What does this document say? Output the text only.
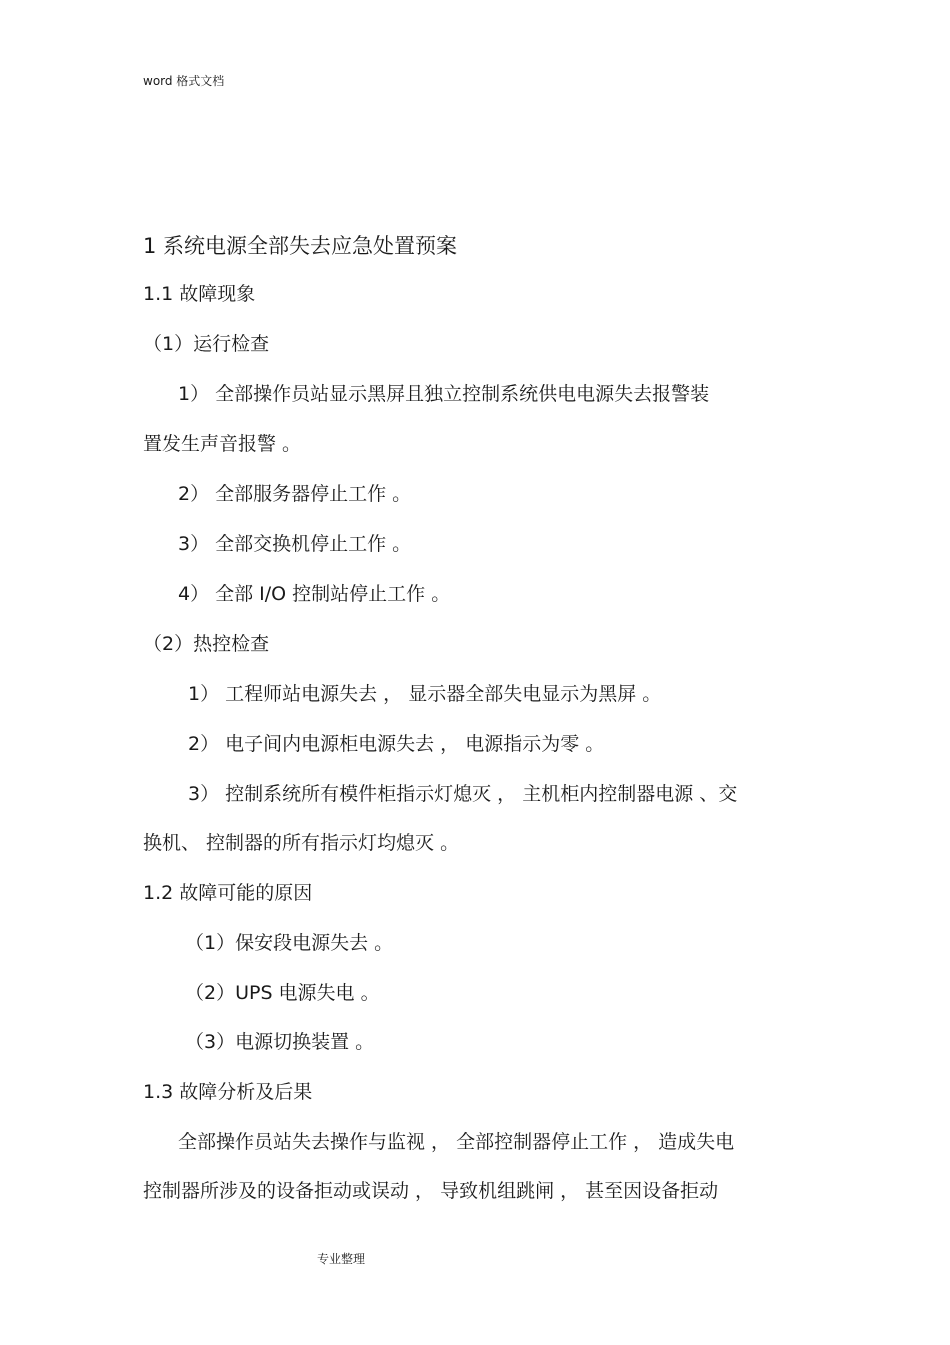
word 格式文档
1 系统电源全部失去应急处置预案
1.1 故障现象
（1）运行检查
1） 全部操作员站显示黑屏且独立控制系统供电电源失去报警装
置发生声音报警 。
2） 全部服务器停止工作 。
3） 全部交换机停止工作 。
4） 全部 I/O 控制站停止工作 。
（2）热控检查
1） 工程师站电源失去 ， 显示器全部失电显示为黑屏 。
2） 电子间内电源柜电源失去 ， 电源指示为零 。
3） 控制系统所有模件柜指示灯熄灭 ， 主机柜内控制器电源 、交
换机、 控制器的所有指示灯均熄灭 。
1.2 故障可能的原因
（1）保安段电源失去 。
（2）UPS 电源失电 。
（3）电源切换装置 。
1.3 故障分析及后果
全部操作员站失去操作与监视 ， 全部控制器停止工作 ， 造成失电
控制器所涉及的设备拒动或误动 ， 导致机组跳闸 ， 甚至因设备拒动
专业整理
